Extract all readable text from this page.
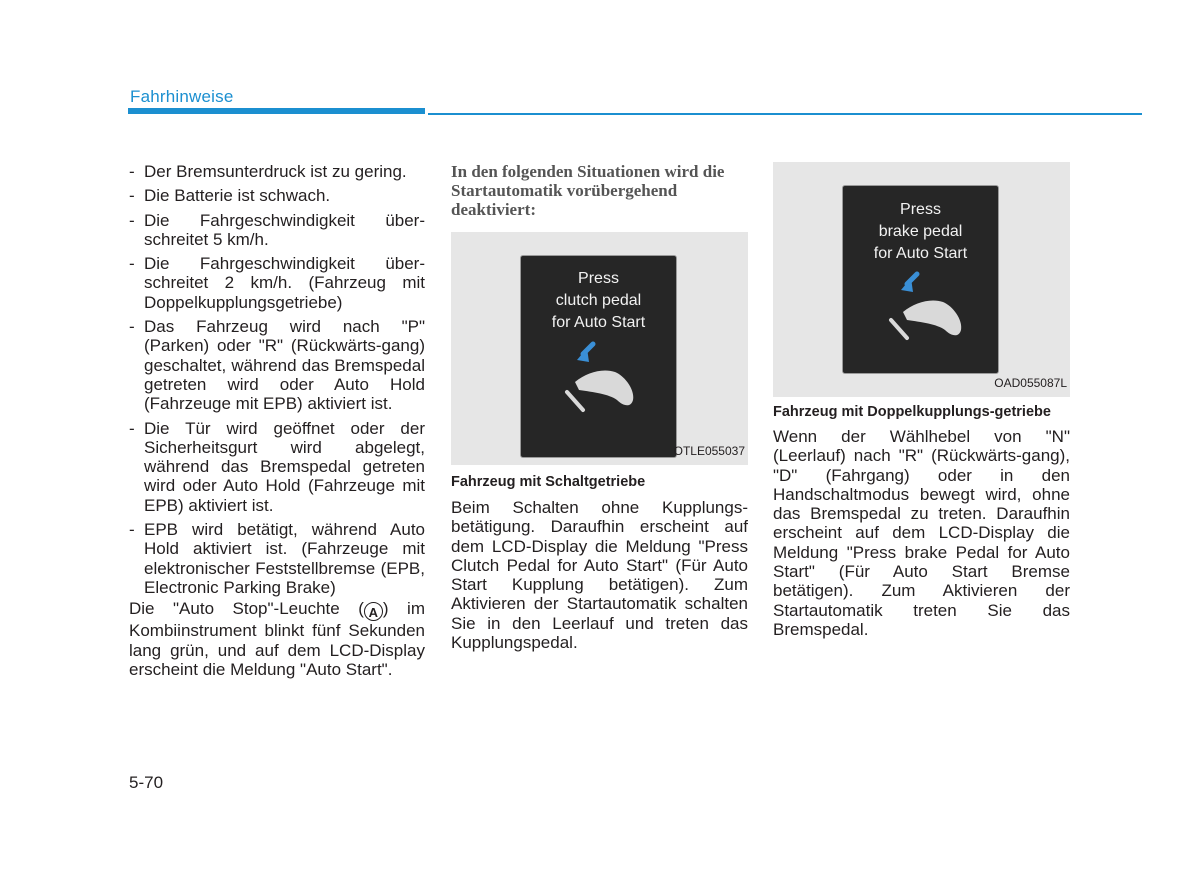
Fahrhinweise
- Der Bremsunterdruck ist zu gering.
- Die Batterie ist schwach.
- Die Fahrgeschwindigkeit über-schreitet 5 km/h.
- Die Fahrgeschwindigkeit über-schreitet 2 km/h. (Fahrzeug mit Doppelkupplungsgetriebe)
- Das Fahrzeug wird nach "P" (Parken) oder "R" (Rückwärts-gang) geschaltet, während das Bremspedal getreten wird oder Auto Hold (Fahrzeuge mit EPB) aktiviert ist.
- Die Tür wird geöffnet oder der Sicherheitsgurt wird abgelegt, während das Bremspedal getreten wird oder Auto Hold (Fahrzeuge mit EPB) aktiviert ist.
- EPB wird betätigt, während Auto Hold aktiviert ist. (Fahrzeuge mit elektronischer Feststellbremse (EPB, Electronic Parking Brake)

Die "Auto Stop"-Leuchte ( A ) im Kombiinstrument blinkt fünf Sekunden lang grün, und auf dem LCD-Display erscheint die Meldung "Auto Start".

In den folgenden Situationen wird die Startautomatik vorübergehend deaktiviert:
Press
clutch pedal
for Auto Start
OTLE055037
Fahrzeug mit Schaltgetriebe

Beim Schalten ohne Kupplungs-betätigung. Daraufhin erscheint auf dem LCD-Display die Meldung "Press Clutch Pedal for Auto Start" (Für Auto Start Kupplung betätigen). Zum Aktivieren der Startautomatik schalten Sie in den Leerlauf und treten das Kupplungspedal.

Press
brake pedal
for Auto Start
OAD055087L
Fahrzeug mit Doppelkupplungs-getriebe

Wenn der Wählhebel von "N" (Leerlauf) nach "R" (Rückwärts-gang), "D" (Fahrgang) oder in den Handschaltmodus bewegt wird, ohne das Bremspedal zu treten. Daraufhin erscheint auf dem LCD-Display die Meldung "Press brake Pedal for Auto Start" (Für Auto Start Bremse betätigen). Zum Aktivieren der Startautomatik treten Sie das Bremspedal.

5-70
